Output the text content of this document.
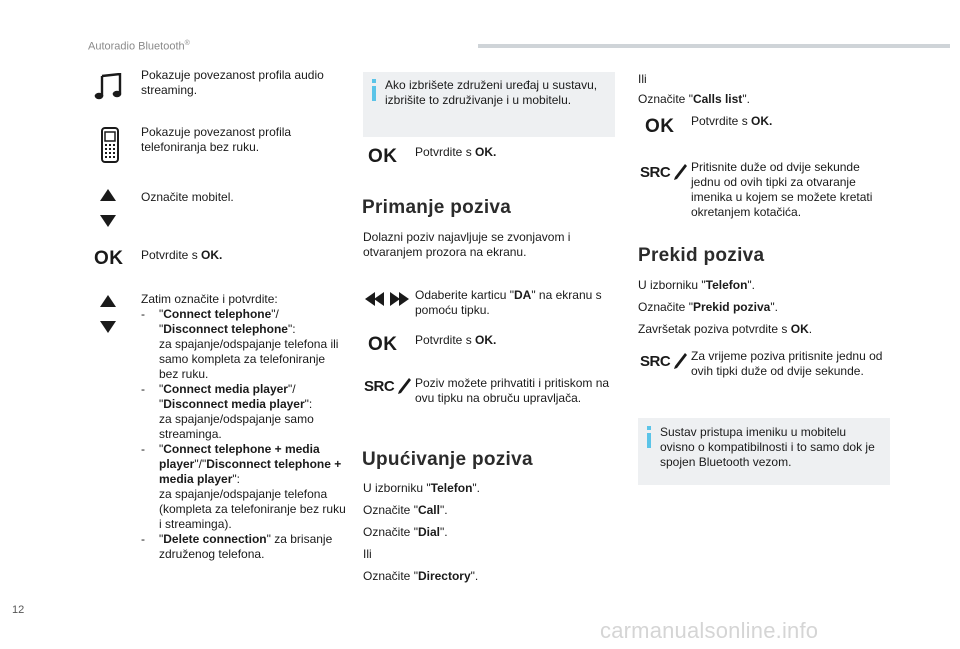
Autoradio Bluetooth®
Pokazuje povezanost profila audio streaming.
Pokazuje povezanost profila telefoniranja bez ruku.
Označite mobitel.
OK Potvrdite s OK.
Zatim označite i potvrdite:
- "Connect telephone"/
"Disconnect telephone":
za spajanje/odspajanje telefona ili samo kompleta za telefoniranje bez ruku.
- "Connect media player"/
"Disconnect media player":
za spajanje/odspajanje samo streaminga.
- "Connect telephone + media player"/"Disconnect telephone + media player":
za spajanje/odspajanje telefona (kompleta za telefoniranje bez ruku i streaminga).
- "Delete connection" za brisanje združenog telefona.
Ako izbrišete združeni uređaj u sustavu, izbrišite to združivanje i u mobitelu.
OK Potvrdite s OK.
Primanje poziva
Dolazni poziv najavljuje se zvonjavom i otvaranjem prozora na ekranu.
Odaberite karticu "DA" na ekranu s pomoću tipku.
OK Potvrdite s OK.
SRC Poziv možete prihvatiti i pritiskom na ovu tipku na obruču upravljača.
Upućivanje poziva
U izborniku "Telefon".
Označite "Call".
Označite "Dial".
Ili
Označite "Directory".
Ili
Označite "Calls list".
OK Potvrdite s OK.
SRC Pritisnite duže od dvije sekunde jednu od ovih tipki za otvaranje imenika u kojem se možete kretati okretanjem kotačića.
Prekid poziva
U izborniku "Telefon".
Označite "Prekid poziva".
Završetak poziva potvrdite s OK.
SRC Za vrijeme poziva pritisnite jednu od ovih tipki duže od dvije sekunde.
Sustav pristupa imeniku u mobitelu ovisno o kompatibilnosti i to samo dok je spojen Bluetooth vezom.
12
carmanualsonline.info
